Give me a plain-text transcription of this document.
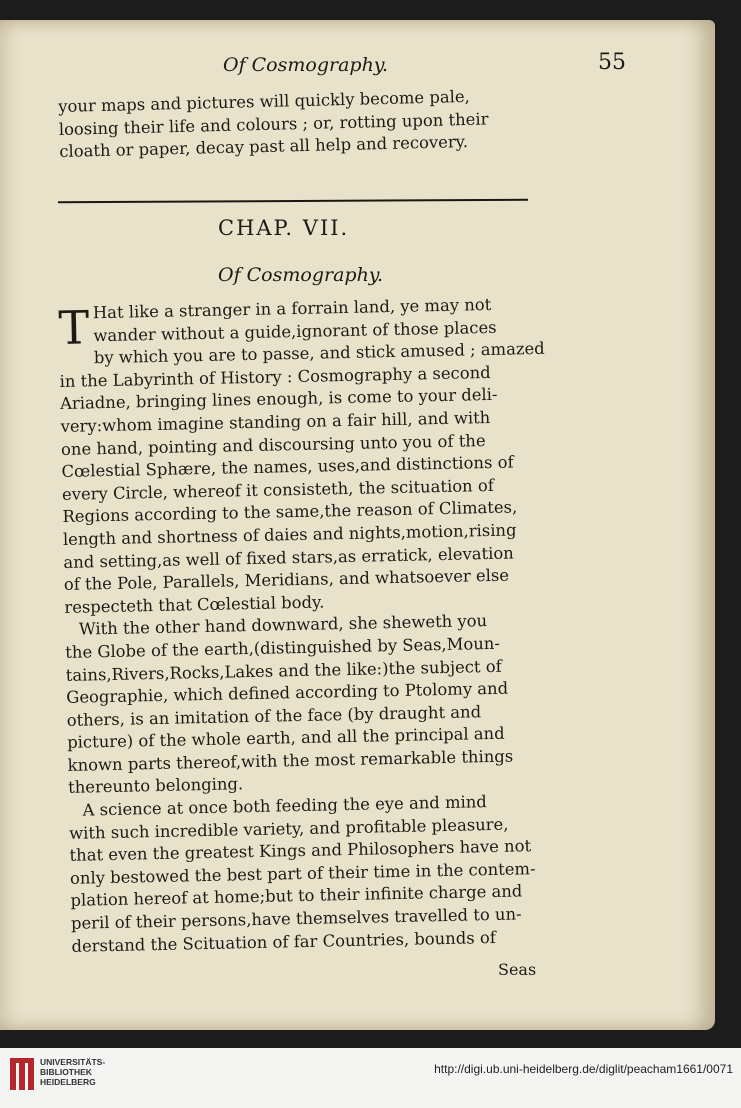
Of Cosmography.	55

your maps and pictures will quickly become pale,
loosing their life and colours ; or, rotting upon their
cloath or paper, decay past all help and recovery.

CHAP. VII.
Of Cosmography.

T Hat like a stranger in a forrain land, ye may not
wander without a guide,ignorant of those places
by which you are to passe, and stick amused ; amazed
in the Labyrinth of History : Cosmography a second
Ariadne, bringing lines enough, is come to your deli-
very:whom imagine standing on a fair hill, and with
one hand, pointing and discoursing unto you of the
Cœlestial Sphære, the names, uses,and distinctions of
every Circle, whereof it consisteth, the scituation of
Regions according to the same,the reason of Climates,
length and shortness of daies and nights,motion,rising
and setting,as well of fixed stars,as erratick, elevation
of the Pole, Parallels, Meridians, and whatsoever else
respecteth that Cœlestial body.
With the other hand downward, she sheweth you
the Globe of the earth,(distinguished by Seas,Moun-
tains,Rivers,Rocks,Lakes and the like:)the subject of
Geographie, which defined according to Ptolomy and
others, is an imitation of the face (by draught and
picture) of the whole earth, and all the principal and
known parts thereof,with the most remarkable things
thereunto belonging.
A science at once both feeding the eye and mind
with such incredible variety, and profitable pleasure,
that even the greatest Kings and Philosophers have not
only bestowed the best part of their time in the contem-
plation hereof at home;but to their infinite charge and
peril of their persons,have themselves travelled to un-
derstand the Scituation of far Countries, bounds of

Seas
UNIVERSITÄTS-
BIBLIOTHEK
HEIDELBERG
http://digi.ub.uni-heidelberg.de/diglit/peacham1661/0071
